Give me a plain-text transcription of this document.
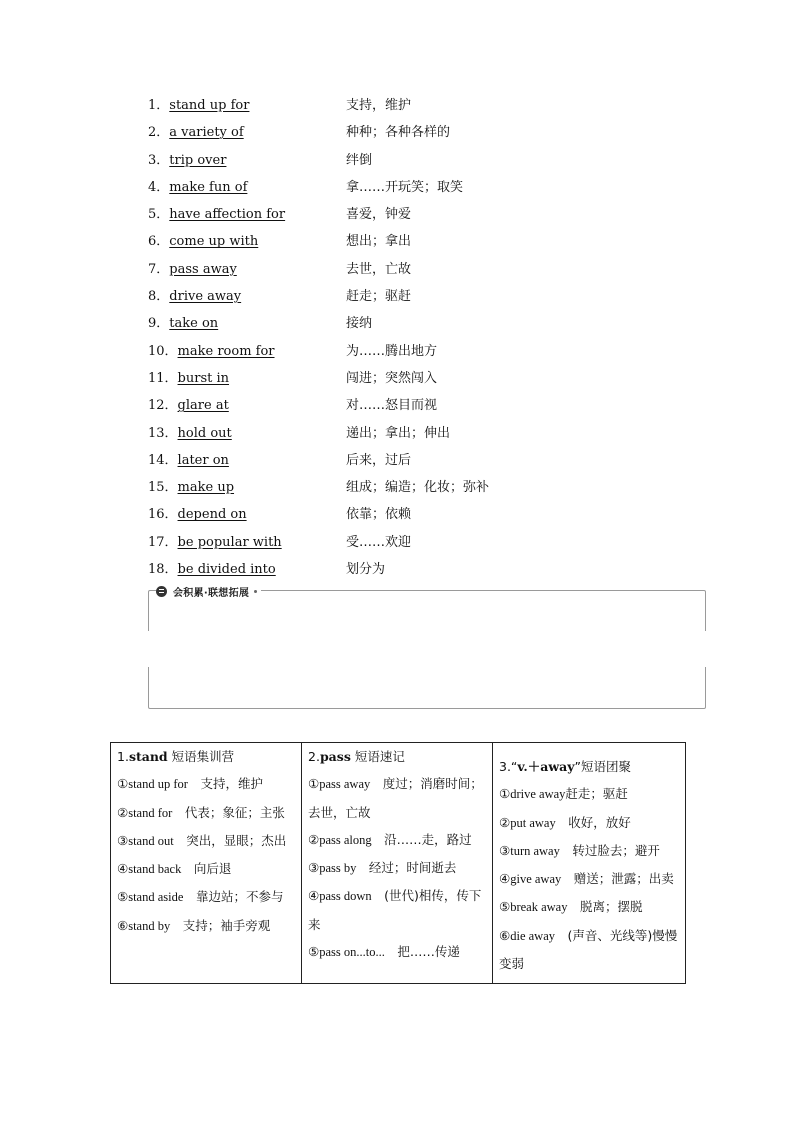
1．stand up for	支持，维护
2．a variety of	种种；各种各样的
3．trip over	绊倒
4．make fun of	拿……开玩笑；取笑
5．have affection for	喜爱，钟爱
6．come up with	想出；拿出
7．pass away	去世，亡故
8．drive away	赶走；驱赶
9．take on	接纳
10．make room for	为……腾出地方
11．burst in	闯进；突然闯入
12．glare at	对……怒目而视
13．hold out	递出；拿出；伸出
14．later on	后来，过后
15．make up	组成；编造；化妆；弥补
16．depend on	依靠；依赖
17．be popular with	受……欢迎
18．be divided into	划分为
会积累·联想拓展
1.stand 短语集训营

①stand up for　 支持，维护

②stand for　 代表；象征；主张

③stand out　 突出，显眼；杰出

④stand back　 向后退

⑤stand aside　 靠边站；不参与

⑥stand by　 支持；袖手旁观

2.pass 短语速记

①pass away　 度过；消磨时间；去世，亡故

②pass along　 沿……走，路过

③pass by　 经过；时间逝去

④pass down　 (世代)相传，传下来

⑤pass on...to...　 把……传递

3.“v.＋away”短语团聚

①drive away赶走；驱赶

②put away　 收好，放好

③turn away　 转过脸去；避开

④give away　 赠送；泄露；出卖

⑤break away　 脱离；摆脱

⑥die away　 (声音、光线等)慢慢变弱
